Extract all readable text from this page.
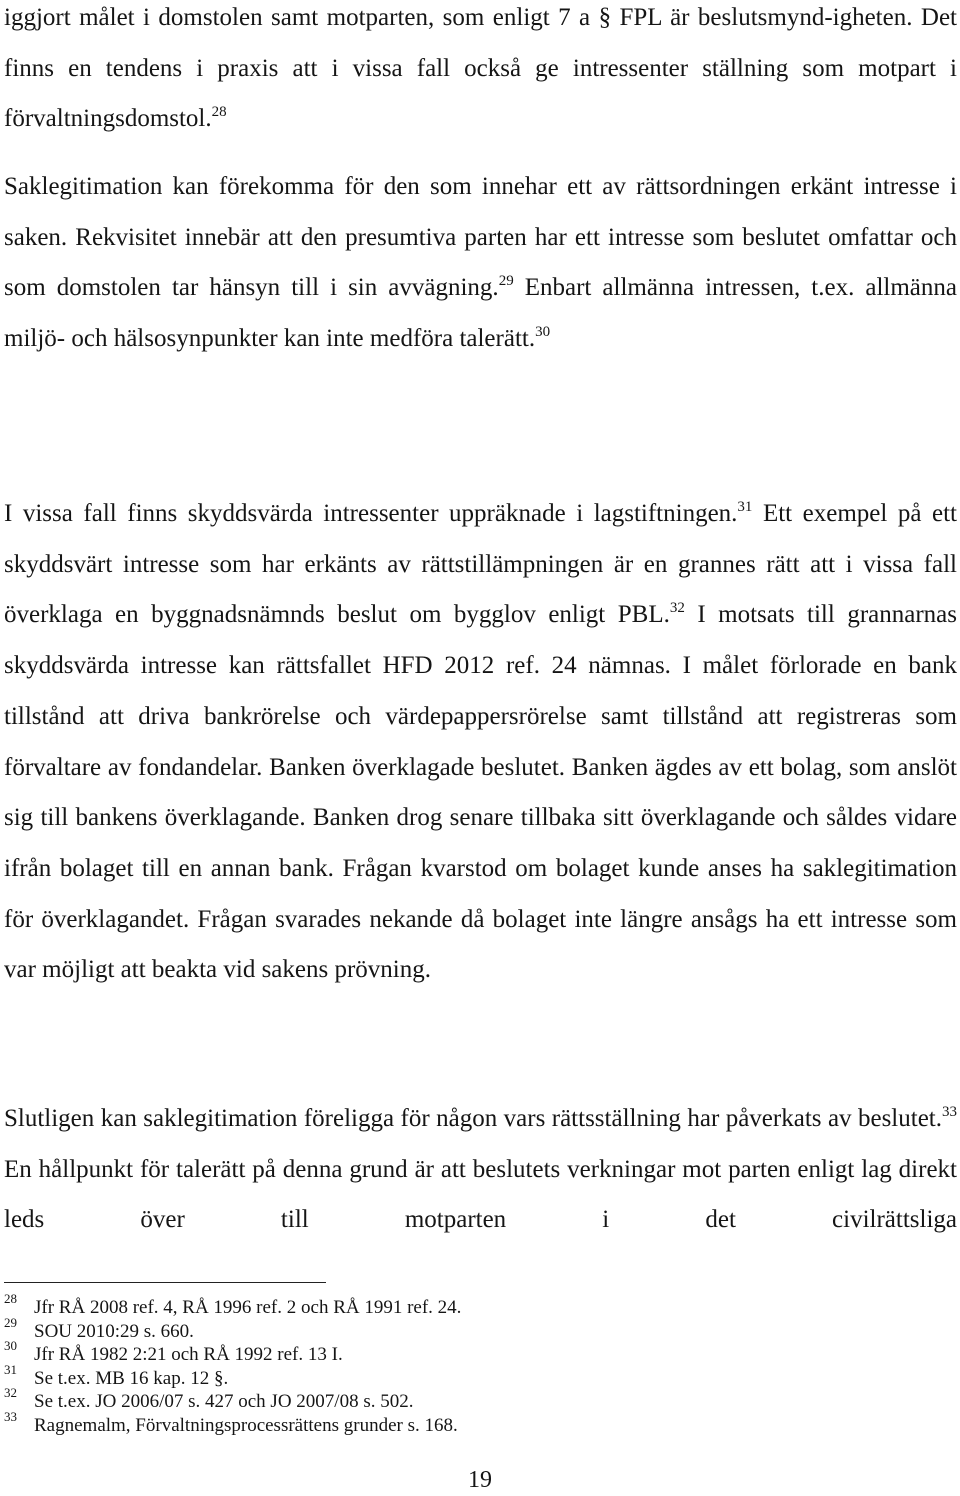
iggjort målet i domstolen samt motparten, som enligt 7 a § FPL är beslutsmynd-igheten. Det finns en tendens i praxis att i vissa fall också ge intressenter ställning som motpart i förvaltningsdomstol.$^{28}$

Saklegitimation kan förekomma för den som innehar ett av rättsordningen erkänt intresse i saken. Rekvisitet innebär att den presumtiva parten har ett intresse som beslutet omfattar och som domstolen tar hänsyn till i sin avvägning.$^{29}$ Enbart allmänna intressen, t.ex. allmänna miljö- och hälsosynpunkter kan inte medföra talerätt.$^{30}$

I vissa fall finns skyddsvärda intressenter uppräknade i lagstiftningen.$^{31}$ Ett exempel på ett skyddsvärt intresse som har erkänts av rättstillämpningen är en grannes rätt att i vissa fall överklaga en byggnadsnämnds beslut om bygglov enligt PBL.$^{32}$ I motsats till grannarnas skyddsvärda intresse kan rättsfallet HFD 2012 ref. 24 nämnas. I målet förlorade en bank tillstånd att driva bankrörelse och värdepappersrörelse samt tillstånd att registreras som förvaltare av fondandelar. Banken överklagade beslutet. Banken ägdes av ett bolag, som anslöt sig till bankens överklagande. Banken drog senare tillbaka sitt överklagande och såldes vidare ifrån bolaget till en annan bank. Frågan kvarstod om bolaget kunde anses ha saklegitimation för överklagandet. Frågan svarades nekande då bolaget inte längre ansågs ha ett intresse som var möjligt att beakta vid sakens prövning.

Slutligen kan saklegitimation föreligga för någon vars rättsställning har påverkats av beslutet.$^{33}$ En hållpunkt för talerätt på denna grund är att beslutets verkningar mot parten enligt lag direkt leds över till motparten i det civilrättsliga

28 Jfr RÅ 2008 ref. 4, RÅ 1996 ref. 2 och RÅ 1991 ref. 24.
29 SOU 2010:29 s. 660.
30 Jfr RÅ 1982 2:21 och RÅ 1992 ref. 13 I.
31 Se t.ex. MB 16 kap. 12 §.
32 Se t.ex. JO 2006/07 s. 427 och JO 2007/08 s. 502.
33 Ragnemalm, Förvaltningsprocessrättens grunder s. 168.
19
